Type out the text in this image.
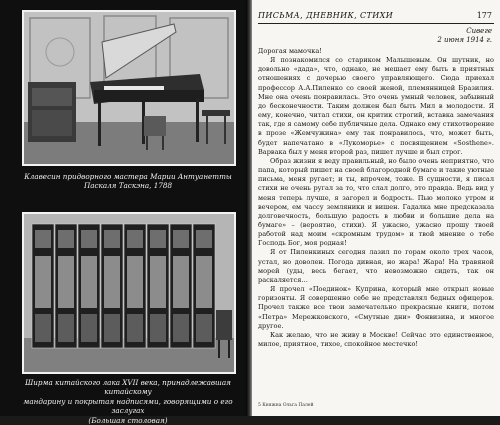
Клавесин придворного мастера Марии Антуанетты
Паскаля Таскэна, 1788
Ширма китайского лака XVII века, принадлежавшая китайскому
мандарину и покрытая надписями, говорящими о его заслугах
(Большая столовая)
ПИСЬМА, ДНЕВНИК, СТИХИ	177
Сивеге
2 июня 1914 г.

Дорогая мамочка!

Я познакомился со стариком Малышевым. Он шутник, но довольно «дада», что, однако, не мешает ему быть в приятных отношениях с дочерью своего управляющего. Сюда приехал профессор А.А.Пиленко со своей женой, племянницей Бразилия. Мне она очень понравилась. Это очень умный человек, забывный до бесконечности. Таким должен был быть Мил в молодости. Я ему, конечно, читал стихи, он критик строгий, вставка замечания так, где я самому себе публичные дела. Однако ему стихотворение в прозе «Жемчужина» ему так понравилось, что, может быть, будет напечатано в «Лукоморье» с посвящением «Sosthene». Варвака был у меня второй раз, пишет лучше и был строг.

Образ жизни я веду правильный, но было очень неприятно, что папа, который пишет на своей благородной бумаге и такие уютные письма, меня ругает; и ты, впрочем, тоже. В сущности, я писал стихи не очень ругал за то, что слал долго, это правда. Ведь вид у меня теперь лучше, я загорел и бодрость. Пью молоко утром и вечером, ем чассу земляники и вишен. Гадалка мне предсказала долговечность, большую радость в любви и большие дела на бумаге» – (вероятно, стихи). Я ужасно, ужасно прошу твоей работой над моим «скромным трудом» и твой мнение о тебе Господь Бог, моя родная!

Я от Пиленкиных сегодня лазил по горам около трех часов, устал, но доволен. Погода дивная, но жара! Жара! На травяной морей (уды, весь бегает, что невозможно сидеть, так он раскаляется…

Я прочел «Поединок» Куприна, который мне открыл новые горизонты. Я совершенно себе не представлял бедных офицеров. Прочел также все твои замечательно прекрасные книги, потом «Петра» Мережковского, «Смутные дни» Фонвизина, и многое другое.

Как желаю, что не живу в Москве! Сейчас это единственное, милое, приятное, тихое, спокойное местечко!

5 Княжна Ольга Палей
